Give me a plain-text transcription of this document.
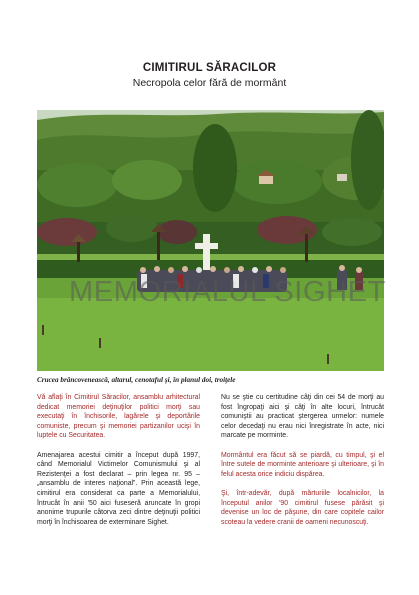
CIMITIRUL SĂRACILOR
Necropola celor fără de mormânt
MEMORIALUL SIGHET
Crucea brâncovenească, altarul, cenotaful şi, în planul doi, troiţele

Vă aflaţi în Cimitirul Săracilor, ansamblu arhitectural dedicat memoriei deţinuţilor politici morţi sau executaţi în închisorile, lagărele şi deportările comuniste, precum şi memoriei partizanilor ucişi în luptele cu Securitatea.

Amenajarea acestui cimitir a început după 1997, când Memorialul Victimelor Comunismului şi al Rezistenţei a fost declarat – prin legea nr. 95 – „ansamblu de interes naţional”. Prin această lege, cimitirul era considerat ca parte a Memorialului, întrucât în anii '50 aici fuseseră aruncate în gropi anonime trupurile câtorva zeci dintre deţinuţii politici morţi în închisoarea de exterminare Sighet.

Nu se ştie cu certitudine câţi din cei 54 de morţi au fost îngropaţi aici şi câţi în alte locuri, întrucât comuniştii au practicat ştergerea urmelor: numele celor decedaţi nu erau nici înregistrate în acte, nici marcate pe morminte.

Mormântul era făcut să se piardă, cu timpul, şi el între sutele de morminte anterioare şi ulterioare, şi în felul acesta orice indiciu dispărea.

Şi, într-adevăr, după mărturiile localnicilor, la începutul anilor '90 cimitirul fusese părăsit şi devenise un loc de păşune, din care copitele cailor scoteau la vedere cranii de oameni necunoscuţi.
